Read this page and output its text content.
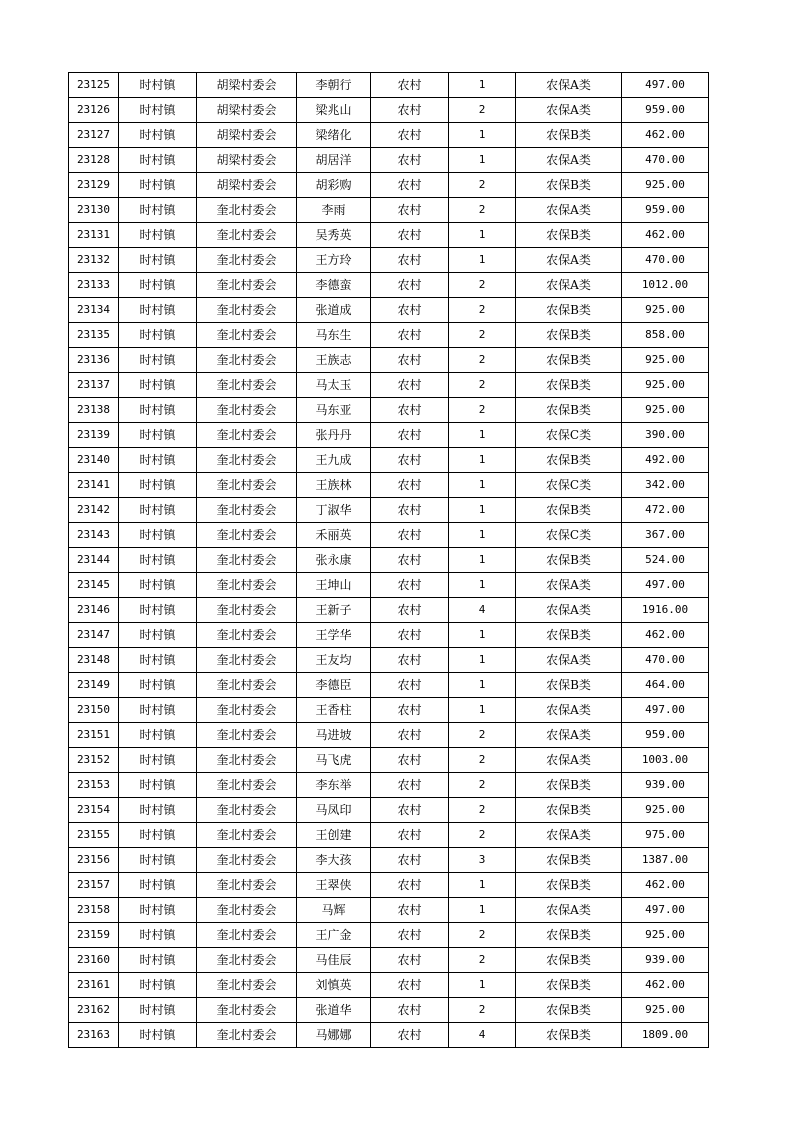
23125	时村镇	胡梁村委会	李朝行	农村	1	农保A类	497.00
23126	时村镇	胡梁村委会	梁兆山	农村	2	农保A类	959.00
23127	时村镇	胡梁村委会	梁绪化	农村	1	农保B类	462.00
23128	时村镇	胡梁村委会	胡居洋	农村	1	农保A类	470.00
23129	时村镇	胡梁村委会	胡彩购	农村	2	农保B类	925.00
23130	时村镇	奎北村委会	李雨	农村	2	农保A类	959.00
23131	时村镇	奎北村委会	吴秀英	农村	1	农保B类	462.00
23132	时村镇	奎北村委会	王方玲	农村	1	农保A类	470.00
23133	时村镇	奎北村委会	李德蛮	农村	2	农保A类	1012.00
23134	时村镇	奎北村委会	张道成	农村	2	农保B类	925.00
23135	时村镇	奎北村委会	马东生	农村	2	农保B类	858.00
23136	时村镇	奎北村委会	王族志	农村	2	农保B类	925.00
23137	时村镇	奎北村委会	马太玉	农村	2	农保B类	925.00
23138	时村镇	奎北村委会	马东亚	农村	2	农保B类	925.00
23139	时村镇	奎北村委会	张丹丹	农村	1	农保C类	390.00
23140	时村镇	奎北村委会	王九成	农村	1	农保B类	492.00
23141	时村镇	奎北村委会	王族林	农村	1	农保C类	342.00
23142	时村镇	奎北村委会	丁淑华	农村	1	农保B类	472.00
23143	时村镇	奎北村委会	禾丽英	农村	1	农保C类	367.00
23144	时村镇	奎北村委会	张永康	农村	1	农保B类	524.00
23145	时村镇	奎北村委会	王坤山	农村	1	农保A类	497.00
23146	时村镇	奎北村委会	王新子	农村	4	农保A类	1916.00
23147	时村镇	奎北村委会	王学华	农村	1	农保B类	462.00
23148	时村镇	奎北村委会	王友均	农村	1	农保A类	470.00
23149	时村镇	奎北村委会	李德臣	农村	1	农保B类	464.00
23150	时村镇	奎北村委会	王香柱	农村	1	农保A类	497.00
23151	时村镇	奎北村委会	马进坡	农村	2	农保A类	959.00
23152	时村镇	奎北村委会	马飞虎	农村	2	农保A类	1003.00
23153	时村镇	奎北村委会	李东举	农村	2	农保B类	939.00
23154	时村镇	奎北村委会	马凤印	农村	2	农保B类	925.00
23155	时村镇	奎北村委会	王创建	农村	2	农保A类	975.00
23156	时村镇	奎北村委会	李大孩	农村	3	农保B类	1387.00
23157	时村镇	奎北村委会	王翠侠	农村	1	农保B类	462.00
23158	时村镇	奎北村委会	马辉	农村	1	农保A类	497.00
23159	时村镇	奎北村委会	王广金	农村	2	农保B类	925.00
23160	时村镇	奎北村委会	马佳辰	农村	2	农保B类	939.00
23161	时村镇	奎北村委会	刘慎英	农村	1	农保B类	462.00
23162	时村镇	奎北村委会	张道华	农村	2	农保B类	925.00
23163	时村镇	奎北村委会	马娜娜	农村	4	农保B类	1809.00
